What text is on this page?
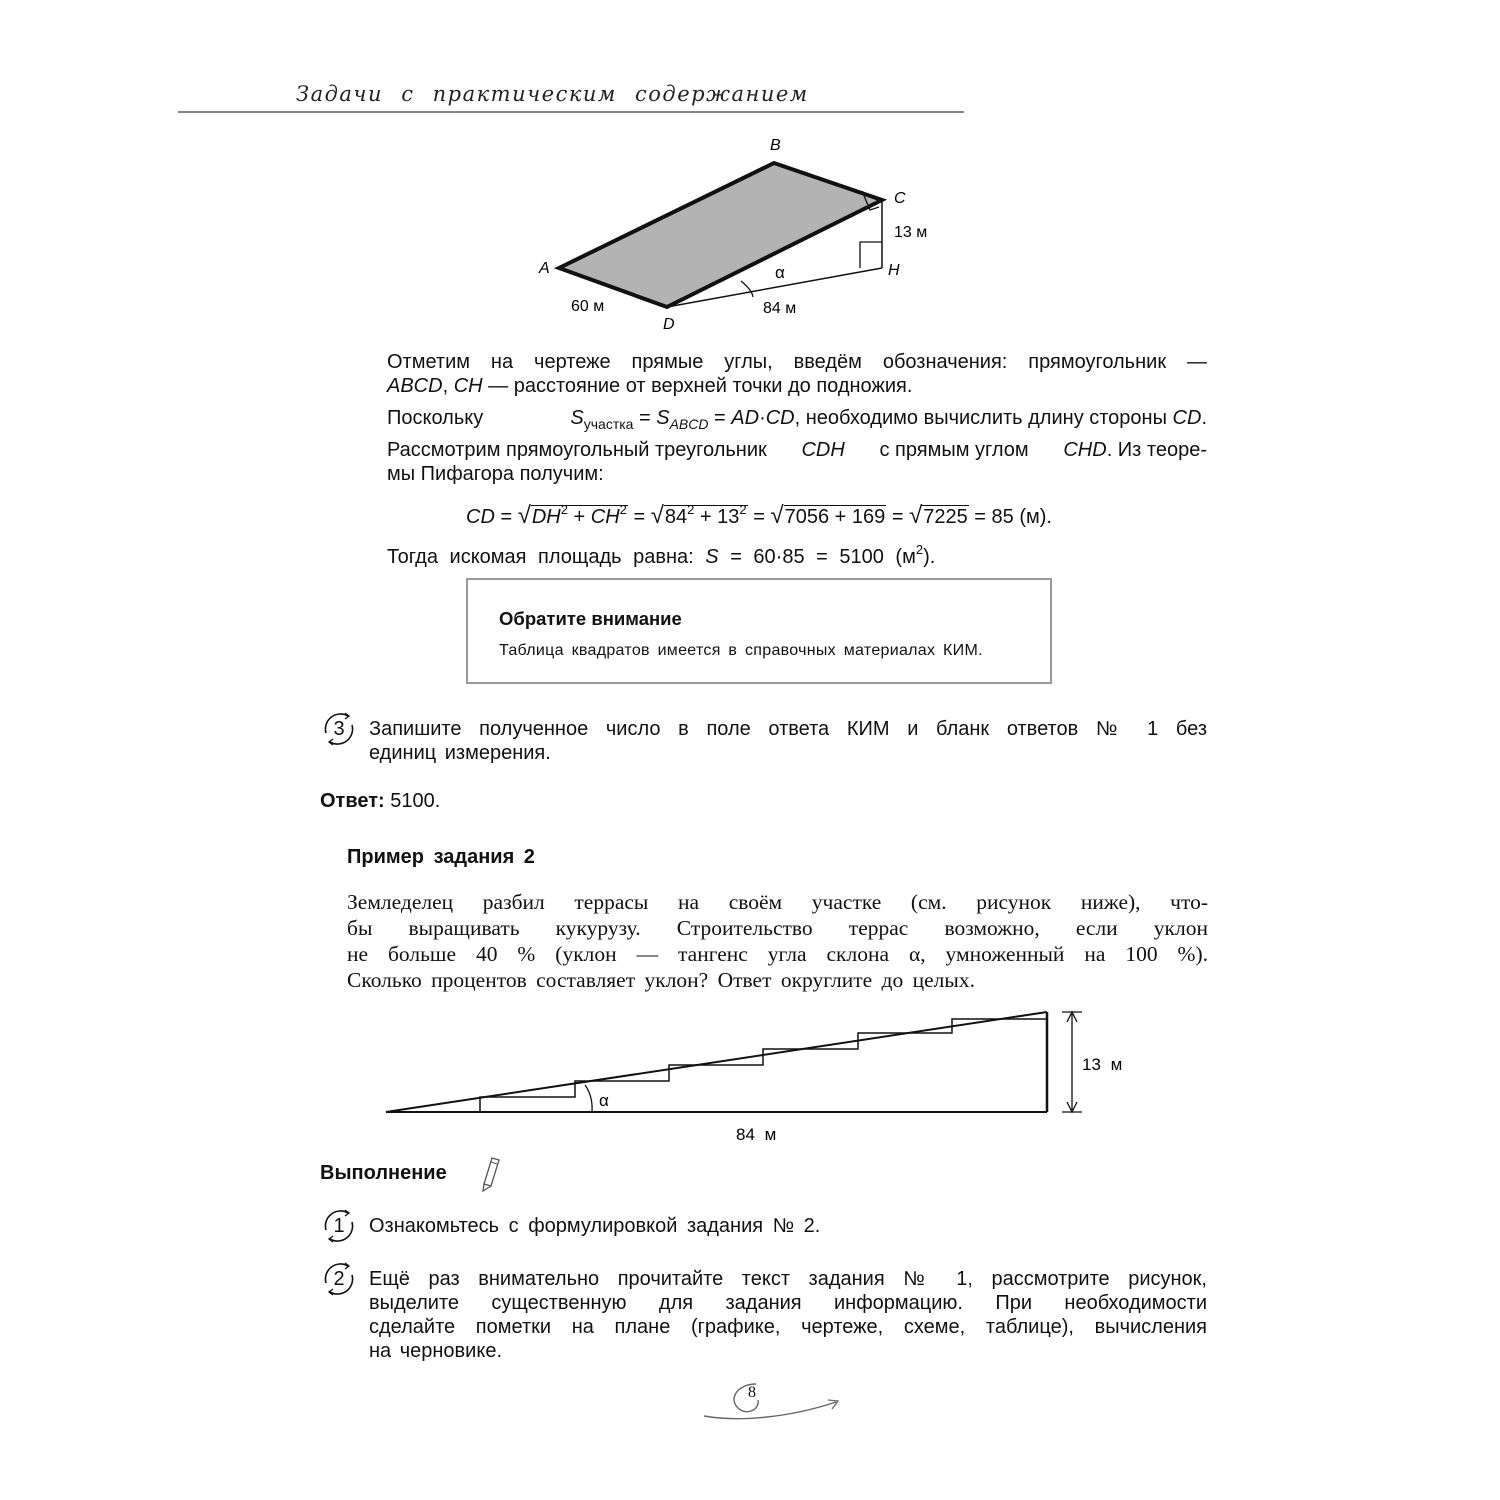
Задачи с практическим содержанием
B
C
A
D
H
α
60 м	84 м
13 м
Отметим на чертеже прямые углы, введём обозначения: прямоугольник —
ABCD, CH — расстояние от верхней точки до подножия.
Поскольку	$S_{участка} = S_{ABCD} = AD\cdot CD$, необходимо вычислить длину стороны CD.
Рассмотрим прямоугольный треугольник CDH с прямым углом CHD. Из теоре-
мы Пифагора получим:
CD = $√DH^2 + CH^2 = √84^2 + 13^2 = √7056 + 169 = √7225 = 85$ (м).
Тогда искомая площадь равна: S = 60·85 = 5100 $(м^2)$.
Обратите внимание
Таблица квадратов имеется в справочных материалах КИМ.
3	Запишите полученное число в поле ответа КИМ и бланк ответов № 1 без
единиц измерения.
Ответ: 5100.
Пример задания 2
Земледелец разбил террасы на своём участке (см. рисунок ниже), что-
бы выращивать кукурузу. Строительство террас возможно, если уклон
не больше 40 % (уклон — тангенс угла склона α, умноженный на 100 %).
Сколько процентов составляет уклон? Ответ округлите до целых.
α
13 м
84 м
Выполнение
1	Ознакомьтесь с формулировкой задания № 2.
2	Ещё раз внимательно прочитайте текст задания № 1, рассмотрите рисунок,
выделите существенную для задания информацию. При необходимости
сделайте пометки на плане (графике, чертеже, схеме, таблице), вычисления
на черновике.
8
